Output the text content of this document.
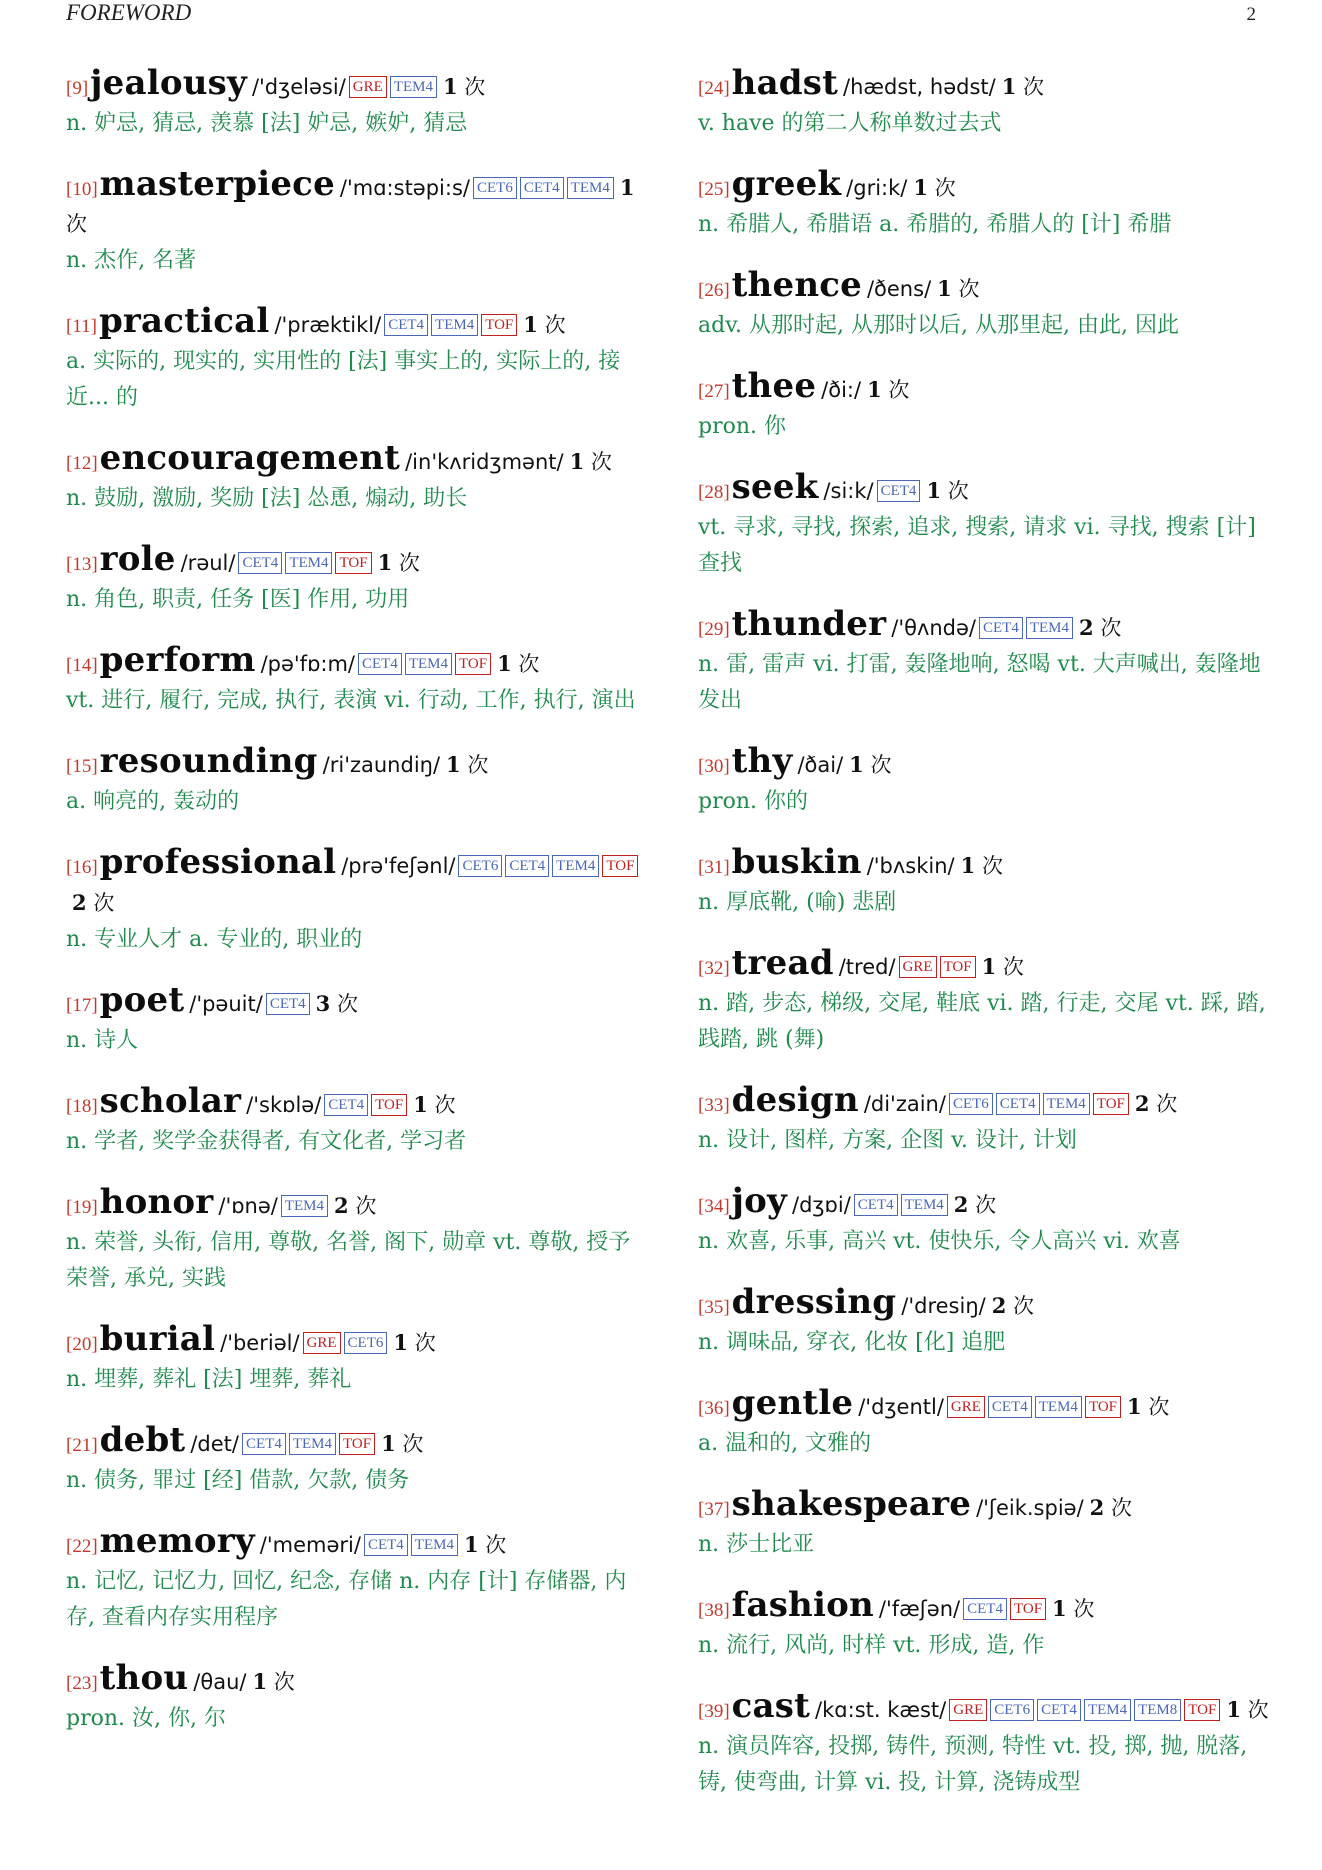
FOREWORD	2
[9]jealousy /'dʒeləsi/ GRE TEM4 1 次
n. 妒忌, 猜忌, 羡慕 [法] 妒忌, 嫉妒, 猜忌
[10]masterpiece /'mɑ:stəpi:s/ CET6 CET4 TEM4 1 次
n. 杰作, 名著
[11]practical /'præktikl/ CET4 TEM4 TOF 1 次
a. 实际的, 现实的, 实用性的 [法] 事实上的, 实际上的, 接近... 的
[12]encouragement /in'kʌridʒmənt/ 1 次
n. 鼓励, 激励, 奖励 [法] 怂恿, 煽动, 助长
[13]role /rəul/ CET4 TEM4 TOF 1 次
n. 角色, 职责, 任务 [医] 作用, 功用
[14]perform /pə'fɒ:m/ CET4 TEM4 TOF 1 次
vt. 进行, 履行, 完成, 执行, 表演 vi. 行动, 工作, 执行, 演出
[15]resounding /ri'zaundiŋ/ 1 次
a. 响亮的, 轰动的
[16]professional /prə'feʃənl/ CET6 CET4 TEM4 TOF2 次
n. 专业人才 a. 专业的, 职业的
[17]poet /'pəuit/ CET4 3 次
n. 诗人
[18]scholar /'skɒlə/ CET4 TOF 1 次
n. 学者, 奖学金获得者, 有文化者, 学习者
[19]honor /'ɒnə/ TEM4 2 次
n. 荣誉, 头衔, 信用, 尊敬, 名誉, 阁下, 勋章 vt. 尊敬, 授予荣誉, 承兑, 实践
[20]burial /'beriəl/ GRE CET6 1 次
n. 埋葬, 葬礼 [法] 埋葬, 葬礼
[21]debt /det/ CET4 TEM4 TOF 1 次
n. 债务, 罪过 [经] 借款, 欠款, 债务
[22]memory /'meməri/ CET4 TEM4 1 次
n. 记忆, 记忆力, 回忆, 纪念, 存储 n. 内存 [计] 存储器, 内存, 查看内存实用程序
[23]thou /θau/ 1 次
pron. 汝, 你, 尔
[24]hadst /hædst, hədst/ 1 次
v. have 的第二人称单数过去式
[25]greek /gri:k/ 1 次
n. 希腊人, 希腊语 a. 希腊的, 希腊人的 [计] 希腊
[26]thence /ðens/ 1 次
adv. 从那时起, 从那时以后, 从那里起, 由此, 因此
[27]thee /ði:/ 1 次
pron. 你
[28]seek /si:k/ CET4 1 次
vt. 寻求, 寻找, 探索, 追求, 搜索, 请求 vi. 寻找, 搜索 [计] 查找
[29]thunder /'θʌndə/ CET4 TEM4 2 次
n. 雷, 雷声 vi. 打雷, 轰隆地响, 怒喝 vt. 大声喊出, 轰隆地发出
[30]thy /ðai/ 1 次
pron. 你的
[31]buskin /'bʌskin/ 1 次
n. 厚底靴, (喻) 悲剧
[32]tread /tred/ GRE TOF 1 次
n. 踏, 步态, 梯级, 交尾, 鞋底 vi. 踏, 行走, 交尾 vt. 踩, 踏, 践踏, 跳 (舞)
[33]design /di'zain/ CET6 CET4 TEM4 TOF 2 次
n. 设计, 图样, 方案, 企图 v. 设计, 计划
[34]joy /dʒɒi/ CET4 TEM4 2 次
n. 欢喜, 乐事, 高兴 vt. 使快乐, 令人高兴 vi. 欢喜
[35]dressing /'dresiŋ/ 2 次
n. 调味品, 穿衣, 化妆 [化] 追肥
[36]gentle /'dʒentl/ GRE CET4 TEM4 TOF 1 次
a. 温和的, 文雅的
[37]shakespeare /'ʃeik.spiə/ 2 次
n. 莎士比亚
[38]fashion /'fæʃən/ CET4 TOF 1 次
n. 流行, 风尚, 时样 vt. 形成, 造, 作
[39]cast /kɑ:st. kæst/ GRE CET6 CET4 TEM4 TEM8 TOF 1 次
n. 演员阵容, 投掷, 铸件, 预测, 特性 vt. 投, 掷, 抛, 脱落, 铸, 使弯曲, 计算 vi. 投, 计算, 浇铸成型
